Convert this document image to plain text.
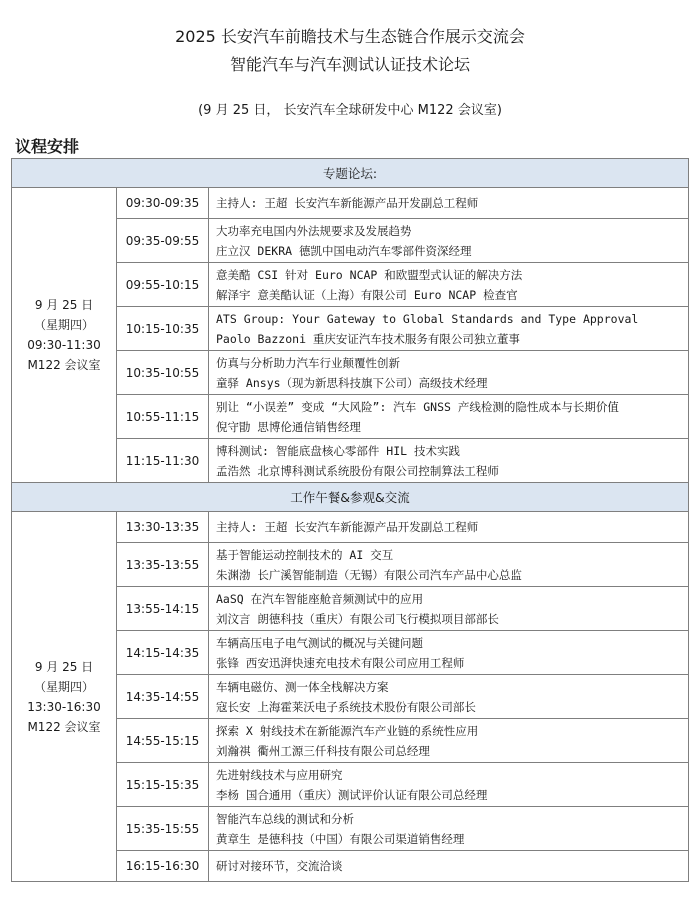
2025 长安汽车前瞻技术与生态链合作展示交流会
智能汽车与汽车测试认证技术论坛
(9 月 25 日， 长安汽车全球研发中心 M122 会议室)
议程安排
专题论坛:		

9 月 25 日
（星期四）
09:30-11:30
M122 会议室	09:30-09:35	主持人: 王超 长安汽车新能源产品开发副总工程师

	09:35-09:55	大功率充电国内外法规要求及发展趋势
庄立汉 DEKRA 德凯中国电动汽车零部件资深经理

	09:55-10:15	意美酷 CSI 针对 Euro NCAP 和欧盟型式认证的解决方法
解泽宇 意美酷认证（上海）有限公司 Euro NCAP 检查官

	10:15-10:35	ATS Group: Your Gateway to Global Standards and Type Approval
Paolo Bazzoni 重庆安证汽车技术服务有限公司独立董事

	10:35-10:55	仿真与分析助力汽车行业颠覆性创新
童驿 Ansys（现为新思科技旗下公司）高级技术经理

	10:55-11:15	别让 “小误差” 变成 “大风险”: 汽车 GNSS 产线检测的隐性成本与长期价值
倪守勖 思博伦通信销售经理

	11:15-11:30	博科测试: 智能底盘核心零部件 HIL 技术实践
孟浩然 北京博科测试系统股份有限公司控制算法工程师

工作午餐&参观&交流		

9 月 25 日
（星期四）
13:30-16:30
M122 会议室	13:30-13:35	主持人: 王超 长安汽车新能源产品开发副总工程师

	13:35-13:55	基于智能运动控制技术的 AI 交互
朱渊渤 长广溪智能制造（无锡）有限公司汽车产品中心总监

	13:55-14:15	AaSQ 在汽车智能座舱音频测试中的应用
刘汶言 朗德科技（重庆）有限公司飞行模拟项目部部长

	14:15-14:35	车辆高压电子电气测试的概况与关键问题
张锋 西安迅湃快速充电技术有限公司应用工程师

	14:35-14:55	车辆电磁仿、测一体全栈解决方案
寇长安 上海霍莱沃电子系统技术股份有限公司部长

	14:55-15:15	探索 X 射线技术在新能源汽车产业链的系统性应用
刘瀚祺 衢州工源三仟科技有限公司总经理

	15:15-15:35	先进射线技术与应用研究
李杨 国合通用（重庆）测试评价认证有限公司总经理

	15:35-15:55	智能汽车总线的测试和分析
黄章生 是德科技（中国）有限公司渠道销售经理

	16:15-16:30	研讨对接环节，交流洽谈
